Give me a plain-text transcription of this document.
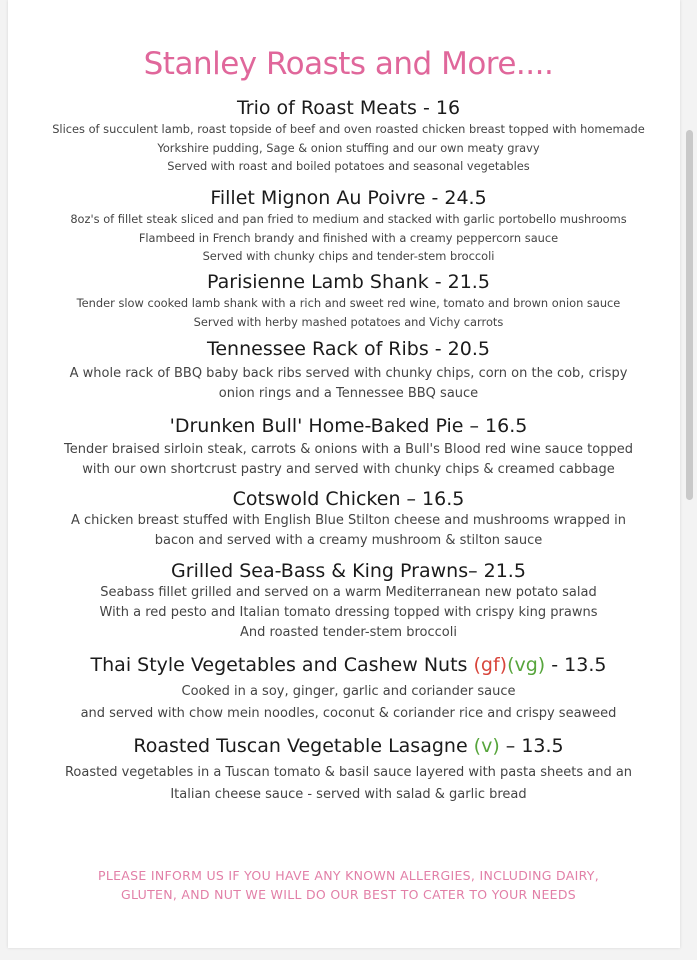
Stanley Roasts and More....
Trio of Roast Meats - 16
Slices of succulent lamb, roast topside of beef and oven roasted chicken breast topped with homemade
Yorkshire pudding, Sage & onion stuffing and our own meaty gravy
Served with roast and boiled potatoes and seasonal vegetables
Fillet Mignon Au Poivre - 24.5
8oz's of fillet steak sliced and pan fried to medium and stacked with garlic portobello mushrooms
Flambeed in French brandy and finished with a creamy peppercorn sauce
Served with chunky chips and tender-stem broccoli
Parisienne Lamb Shank - 21.5
Tender slow cooked lamb shank with a rich and sweet red wine, tomato and brown onion sauce
Served with herby mashed potatoes and Vichy carrots
Tennessee Rack of Ribs - 20.5
A whole rack of BBQ baby back ribs served with chunky chips, corn on the cob, crispy
onion rings and a Tennessee BBQ sauce
'Drunken Bull' Home-Baked Pie – 16.5
Tender braised sirloin steak, carrots & onions with a Bull's Blood red wine sauce topped
with our own shortcrust pastry and served with chunky chips & creamed cabbage
Cotswold Chicken – 16.5
A chicken breast stuffed with English Blue Stilton cheese and mushrooms wrapped in
bacon and served with a creamy mushroom & stilton sauce
Grilled Sea-Bass & King Prawns– 21.5
Seabass fillet grilled and served on a warm Mediterranean new potato salad
With a red pesto and Italian tomato dressing topped with crispy king prawns
And roasted tender-stem broccoli
Thai Style Vegetables and Cashew Nuts (gf)(vg) - 13.5
Cooked in a soy, ginger, garlic and coriander sauce
and served with chow mein noodles, coconut & coriander rice and crispy seaweed
Roasted Tuscan Vegetable Lasagne (v) – 13.5
Roasted vegetables in a Tuscan tomato & basil sauce layered with pasta sheets and an
Italian cheese sauce - served with salad & garlic bread
PLEASE INFORM US IF YOU HAVE ANY KNOWN ALLERGIES, INCLUDING DAIRY,
GLUTEN, AND NUT WE WILL DO OUR BEST TO CATER TO YOUR NEEDS
